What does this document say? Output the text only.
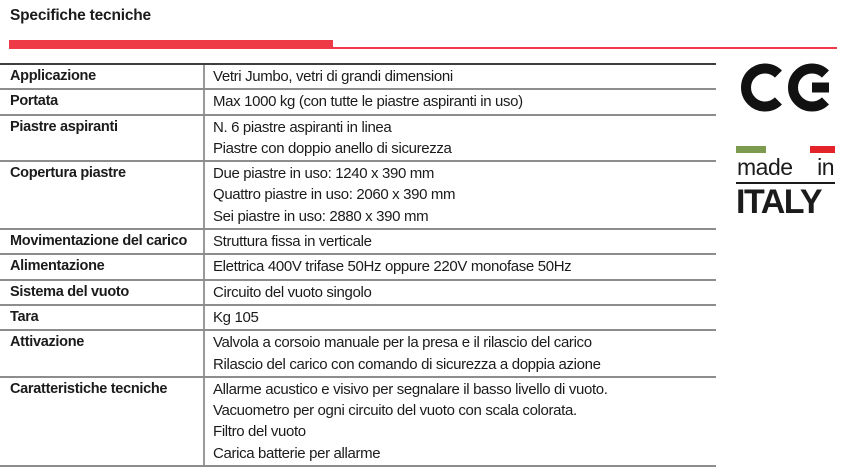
Specifiche tecniche
Applicazione	Vetri Jumbo, vetri di grandi dimensioni
Portata	Max 1000 kg (con tutte le piastre aspiranti in uso)
Piastre aspiranti	N. 6 piastre aspiranti in linea
Piastre con doppio anello di sicurezza
Copertura piastre	Due piastre in uso: 1240 x 390 mm
Quattro piastre in uso: 2060 x 390 mm
Sei piastre in uso: 2880 x 390 mm
Movimentazione del carico	Struttura fissa in verticale
Alimentazione	Elettrica 400V trifase 50Hz oppure 220V monofase 50Hz
Sistema del vuoto	Circuito del vuoto singolo
Tara	Kg 105
Attivazione	Valvola a corsoio manuale per la presa e il rilascio del carico
Rilascio del carico con comando di sicurezza a doppia azione
Caratteristiche tecniche	Allarme acustico e visivo per segnalare il basso livello di vuoto.
Vacuometro per ogni circuito del vuoto con scala colorata.
Filtro del vuoto
Carica batterie per allarme
made in
ITALY
